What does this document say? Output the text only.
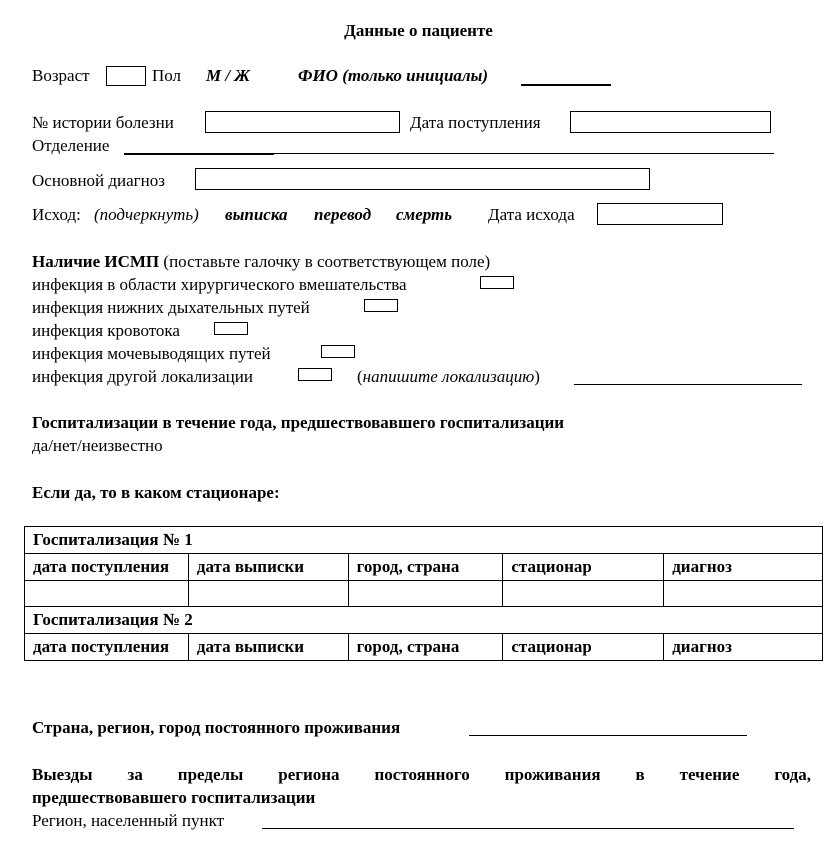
Данные о пациенте
Возраст	Пол М / Ж	ФИО (только инициалы)
№ истории болезни	Дата поступления
Отделение
Основной диагноз
Исход: (подчеркнуть) выписка перевод смерть Дата исхода
Наличие ИСМП (поставьте галочку в соответствующем поле)
инфекция в области хирургического вмешательства
инфекция нижних дыхательных путей
инфекция кровотока
инфекция мочевыводящих путей
инфекция другой локализации	(напишите локализацию)
Госпитализации в течение года, предшествовавшего госпитализации
да/нет/неизвестно
Если да, то в каком стационаре:
Госпитализация № 1				
дата поступления	дата выписки	город, страна	стационар	диагноз

Госпитализация № 2				
дата поступления	дата выписки	город, страна	стационар	диагноз
Страна, регион, город постоянного проживания
Выезды за пределы региона постоянного проживания в течение года,
предшествовавшего госпитализации
Регион, населенный пункт
